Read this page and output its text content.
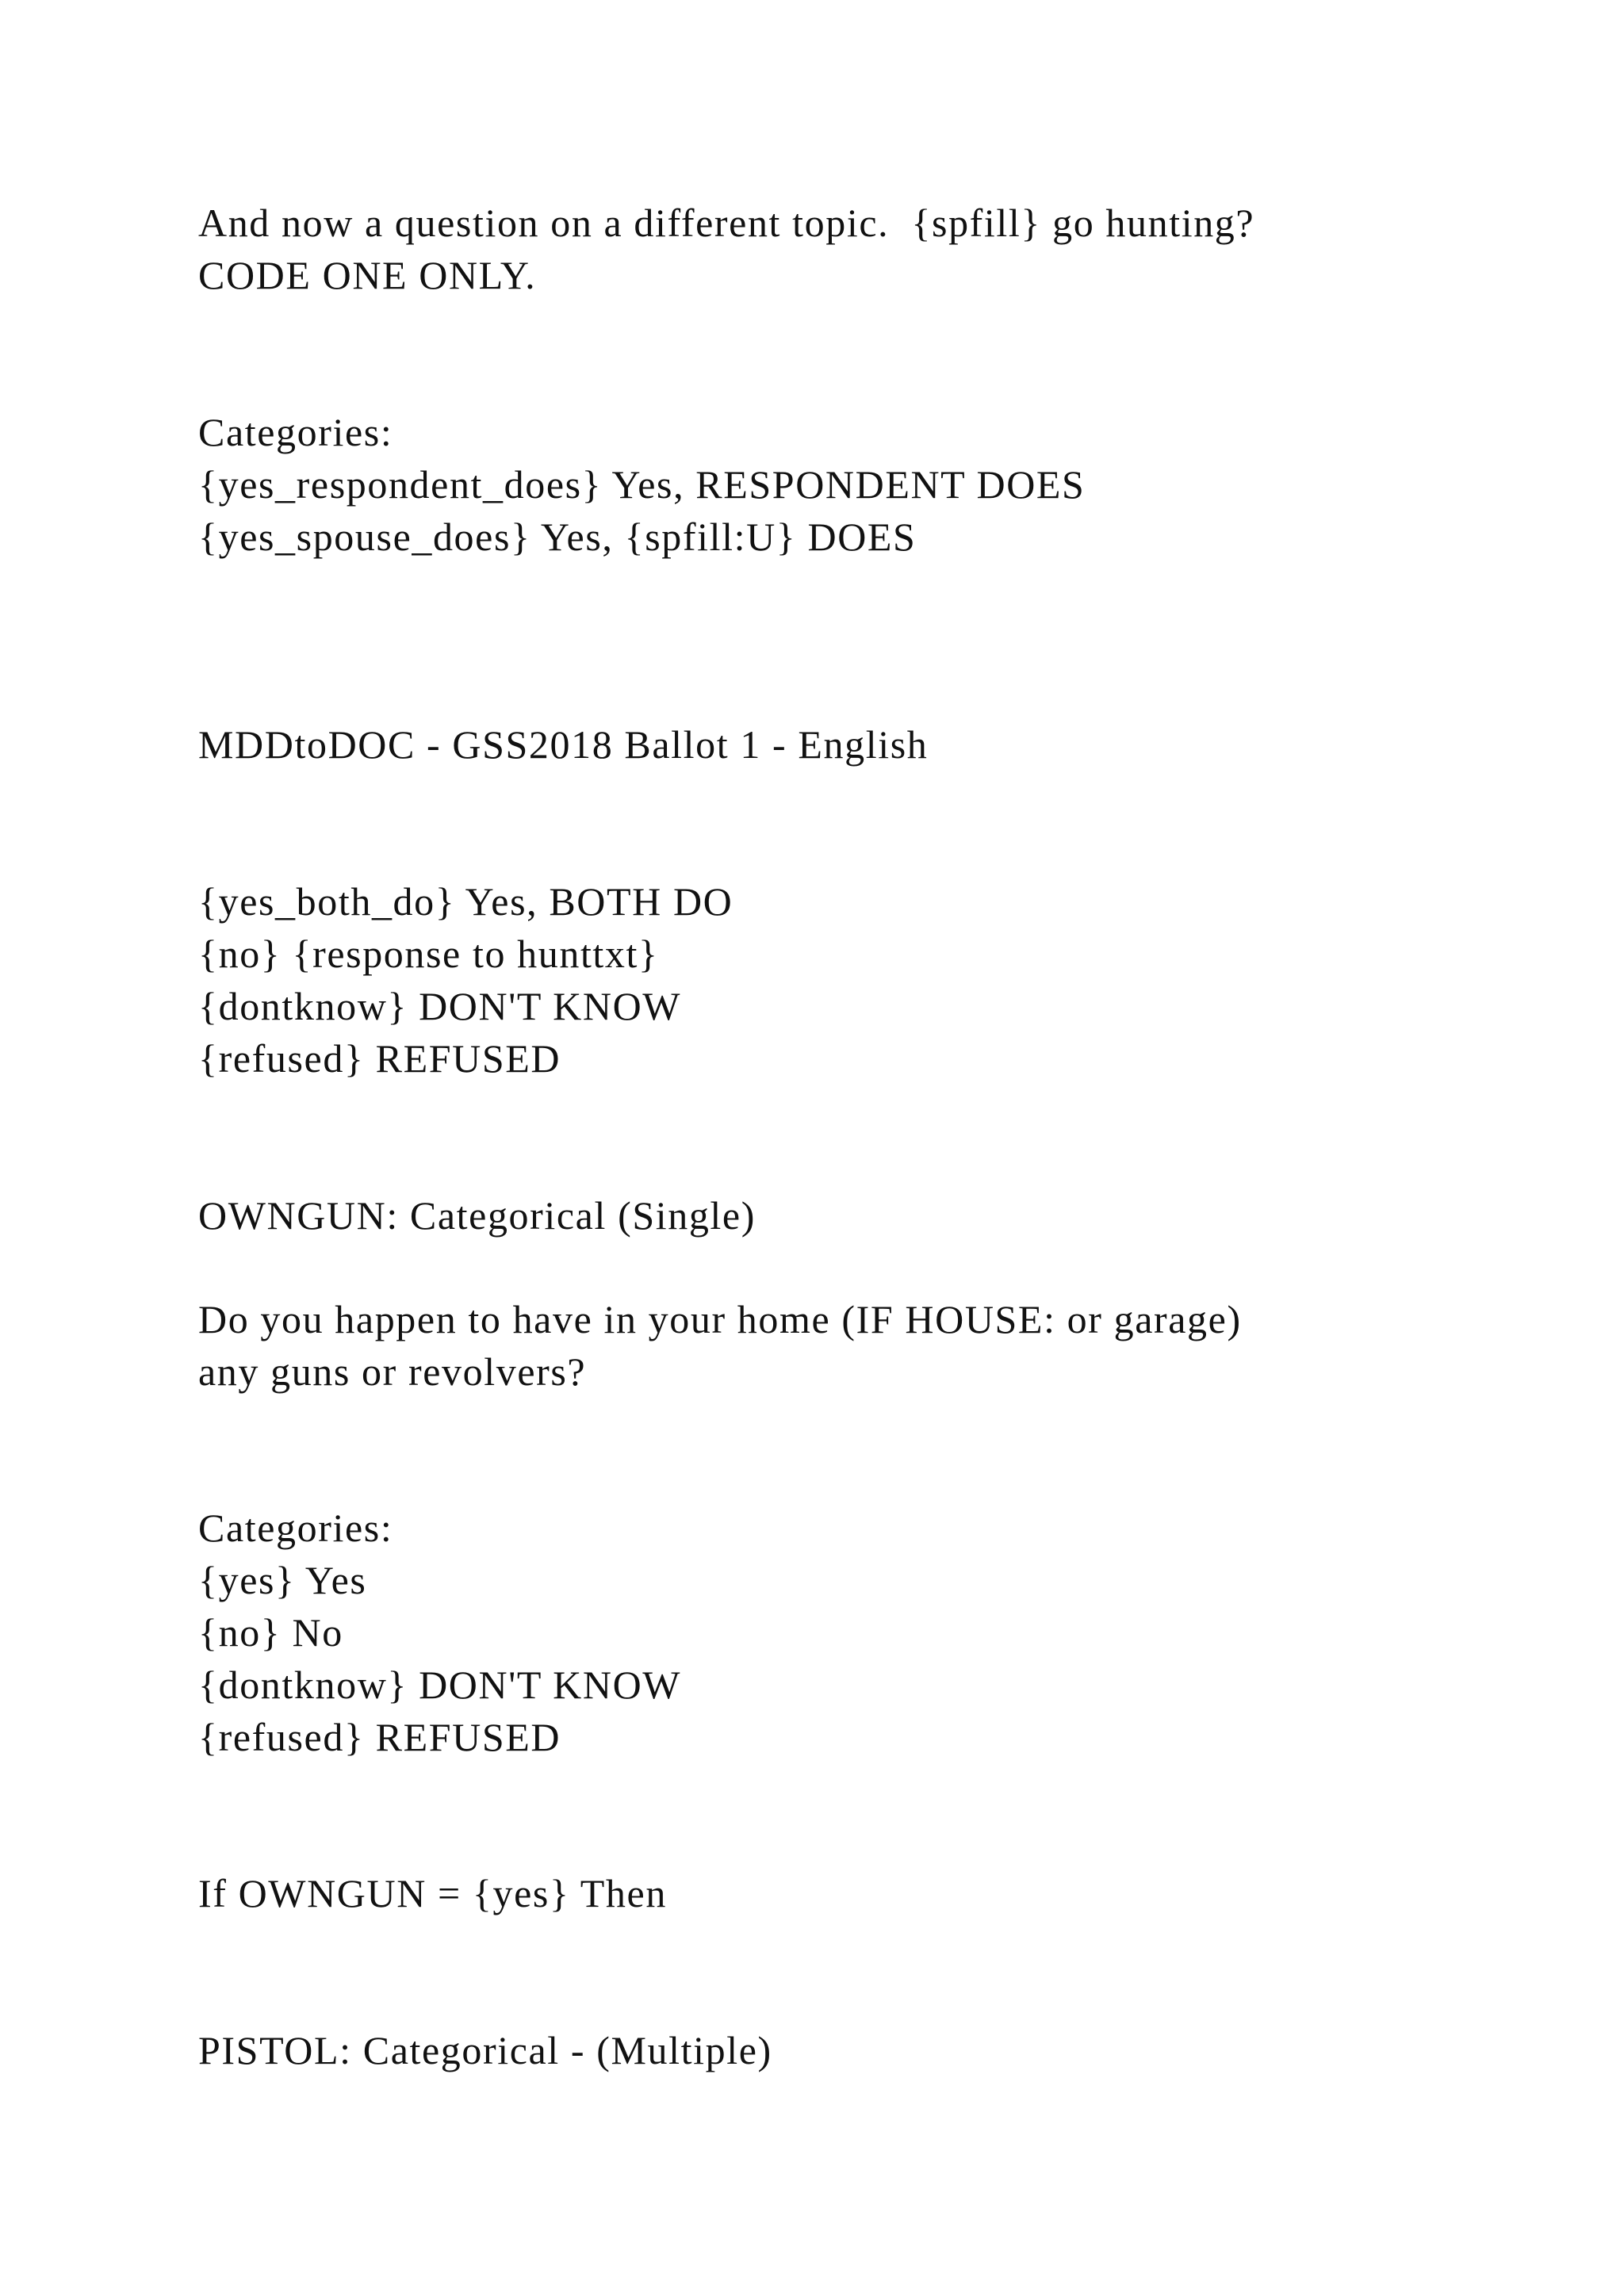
And now a question on a different topic.  {spfill} go hunting?

CODE ONE ONLY.

Categories:

{yes_respondent_does} Yes, RESPONDENT DOES

{yes_spouse_does} Yes, {spfill:U} DOES

MDDtoDOC - GSS2018 Ballot 1 - English

{yes_both_do} Yes, BOTH DO

{no} {response to hunttxt}

{dontknow} DON'T KNOW

{refused} REFUSED

OWNGUN: Categorical (Single)

Do you happen to have in your home (IF HOUSE: or garage)

any guns or revolvers?

Categories:

{yes} Yes

{no} No

{dontknow} DON'T KNOW

{refused} REFUSED

If OWNGUN = {yes} Then

PISTOL: Categorical - (Multiple)
